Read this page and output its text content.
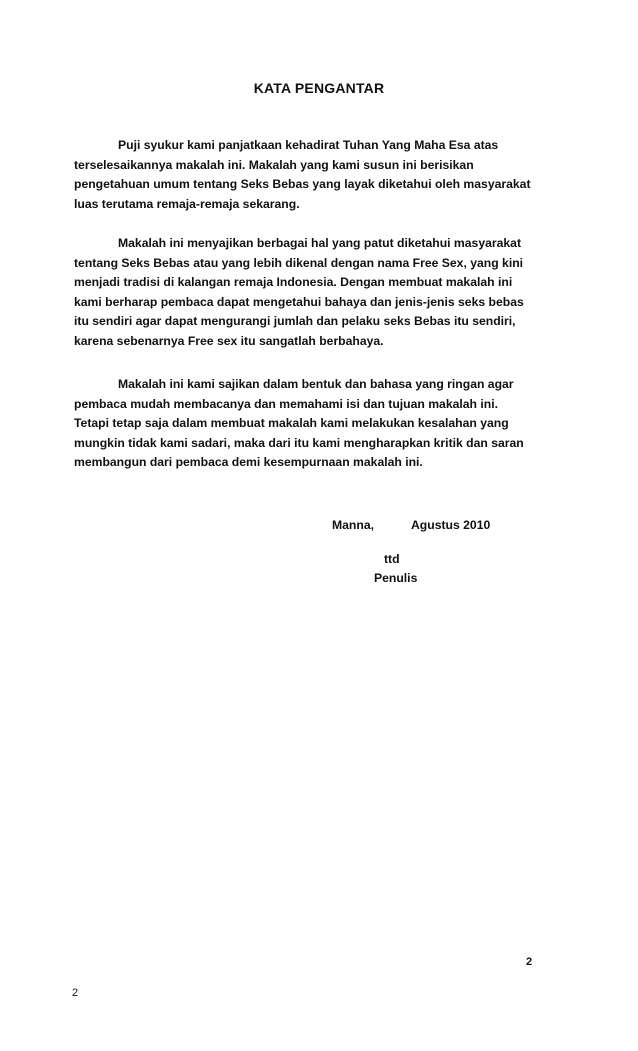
KATA PENGANTAR
Puji syukur kami panjatkaan kehadirat Tuhan Yang Maha Esa atas
terselesaikannya makalah ini. Makalah yang kami susun ini berisikan
pengetahuan umum tentang Seks Bebas yang layak diketahui oleh masyarakat
luas terutama remaja-remaja sekarang.
Makalah ini menyajikan berbagai hal yang patut diketahui masyarakat
tentang Seks Bebas atau yang lebih dikenal dengan nama Free Sex, yang kini
menjadi tradisi di kalangan remaja Indonesia. Dengan membuat makalah ini
kami berharap pembaca dapat mengetahui bahaya dan jenis-jenis seks bebas
itu sendiri agar dapat mengurangi jumlah dan pelaku seks Bebas itu sendiri,
karena sebenarnya Free sex itu sangatlah berbahaya.
Makalah ini kami sajikan dalam bentuk dan bahasa yang ringan agar
pembaca mudah membacanya dan memahami isi dan tujuan makalah ini.
Tetapi tetap saja dalam membuat makalah kami melakukan kesalahan yang
mungkin tidak kami sadari, maka dari itu kami mengharapkan kritik dan saran
membangun dari pembaca demi kesempurnaan makalah ini.
Manna,	Agustus 2010
ttd
Penulis
2
2
